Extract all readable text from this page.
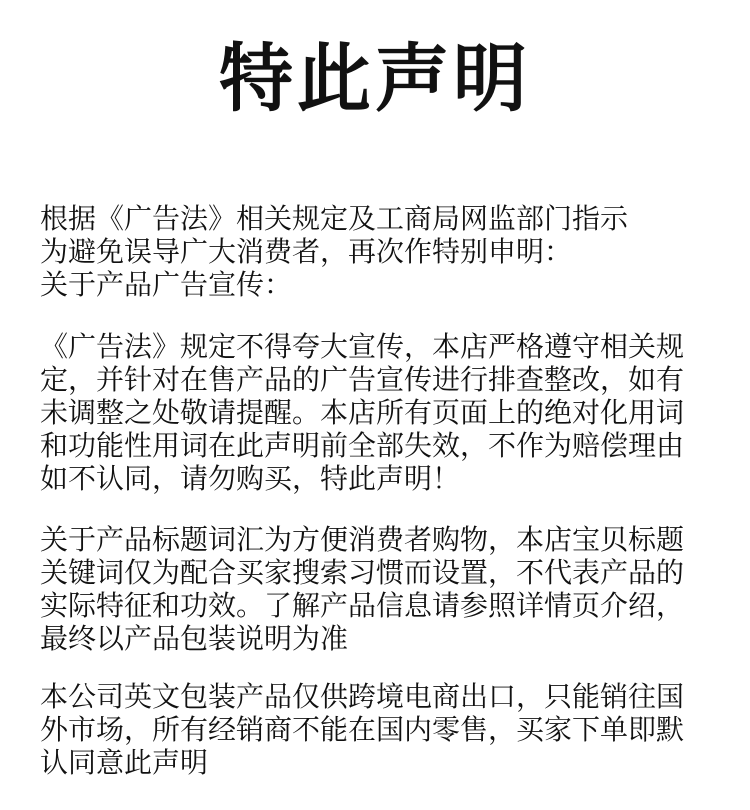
特此声明

根据《广告法》相关规定及工商局网监部门指示
为避免误导广大消费者，再次作特别申明：
关于产品广告宣传：

《广告法》规定不得夸大宣传，本店严格遵守相关规
定，并针对在售产品的广告宣传进行排查整改，如有
未调整之处敬请提醒。本店所有页面上的绝对化用词
和功能性用词在此声明前全部失效，不作为赔偿理由
如不认同，请勿购买，特此声明！

关于产品标题词汇为方便消费者购物，本店宝贝标题
关键词仅为配合买家搜索习惯而设置，不代表产品的
实际特征和功效。了解产品信息请参照详情页介绍，
最终以产品包装说明为准

本公司英文包装产品仅供跨境电商出口，只能销往国
外市场，所有经销商不能在国内零售，买家下单即默
认同意此声明
